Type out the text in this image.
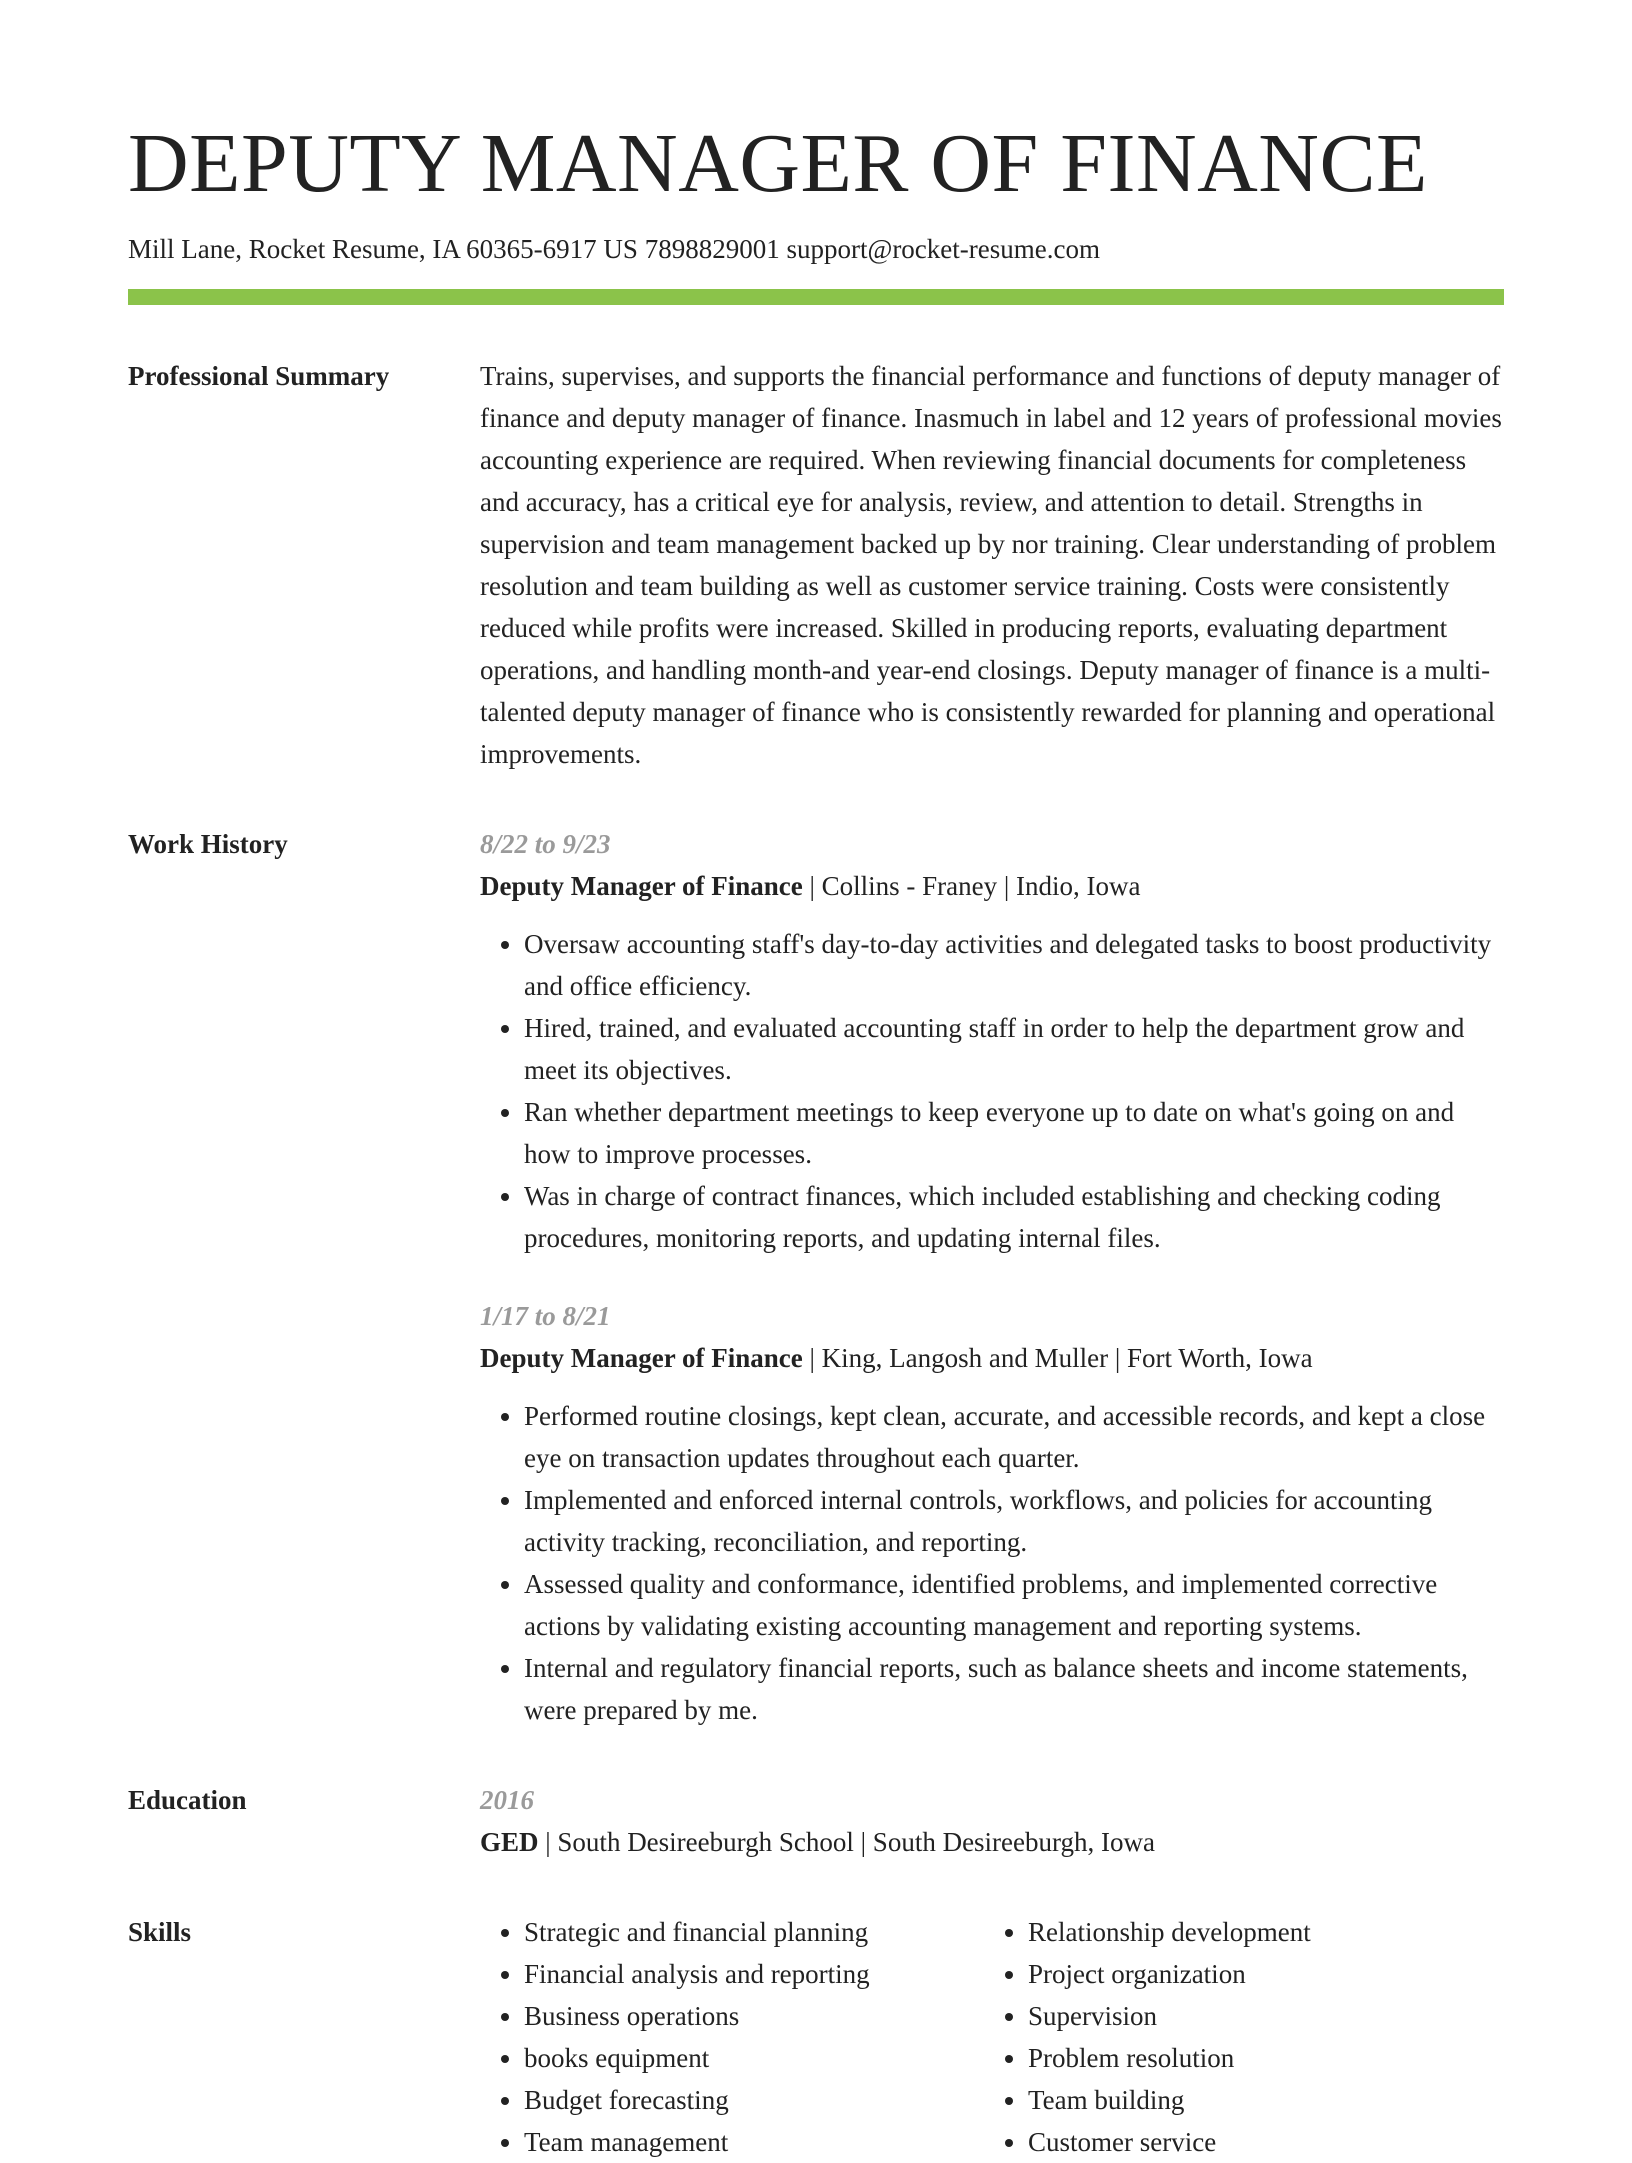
DEPUTY MANAGER OF FINANCE
Mill Lane, Rocket Resume, IA 60365-6917 US 7898829001 support@rocket-resume.com
Professional Summary	Trains, supervises, and supports the financial performance and functions of deputy manager of finance and deputy manager of finance. Inasmuch in label and 12 years of professional movies accounting experience are required. When reviewing financial documents for completeness and accuracy, has a critical eye for analysis, review, and attention to detail. Strengths in supervision and team management backed up by nor training. Clear understanding of problem resolution and team building as well as customer service training. Costs were consistently reduced while profits were increased. Skilled in producing reports, evaluating department operations, and handling month-and year-end closings. Deputy manager of finance is a multi-talented deputy manager of finance who is consistently rewarded for planning and operational improvements.

Work History	8/22 to 9/23
Deputy Manager of Finance | Collins - Franey | Indio, Iowa
• Oversaw accounting staff's day-to-day activities and delegated tasks to boost productivity and office efficiency.
• Hired, trained, and evaluated accounting staff in order to help the department grow and meet its objectives.
• Ran whether department meetings to keep everyone up to date on what's going on and how to improve processes.
• Was in charge of contract finances, which included establishing and checking coding procedures, monitoring reports, and updating internal files.
1/17 to 8/21
Deputy Manager of Finance | King, Langosh and Muller | Fort Worth, Iowa
• Performed routine closings, kept clean, accurate, and accessible records, and kept a close eye on transaction updates throughout each quarter.
• Implemented and enforced internal controls, workflows, and policies for accounting activity tracking, reconciliation, and reporting.
• Assessed quality and conformance, identified problems, and implemented corrective actions by validating existing accounting management and reporting systems.
• Internal and regulatory financial reports, such as balance sheets and income statements, were prepared by me.
Education	2016
GED | South Desireeburgh School | South Desireeburgh, Iowa
Skills
•	Strategic and financial planning
• Financial analysis and reporting
• Business operations
• books equipment
• Budget forecasting
• Team management
• Relationship development
• Project organization
• Supervision
• Problem resolution
• Team building
• Customer service
